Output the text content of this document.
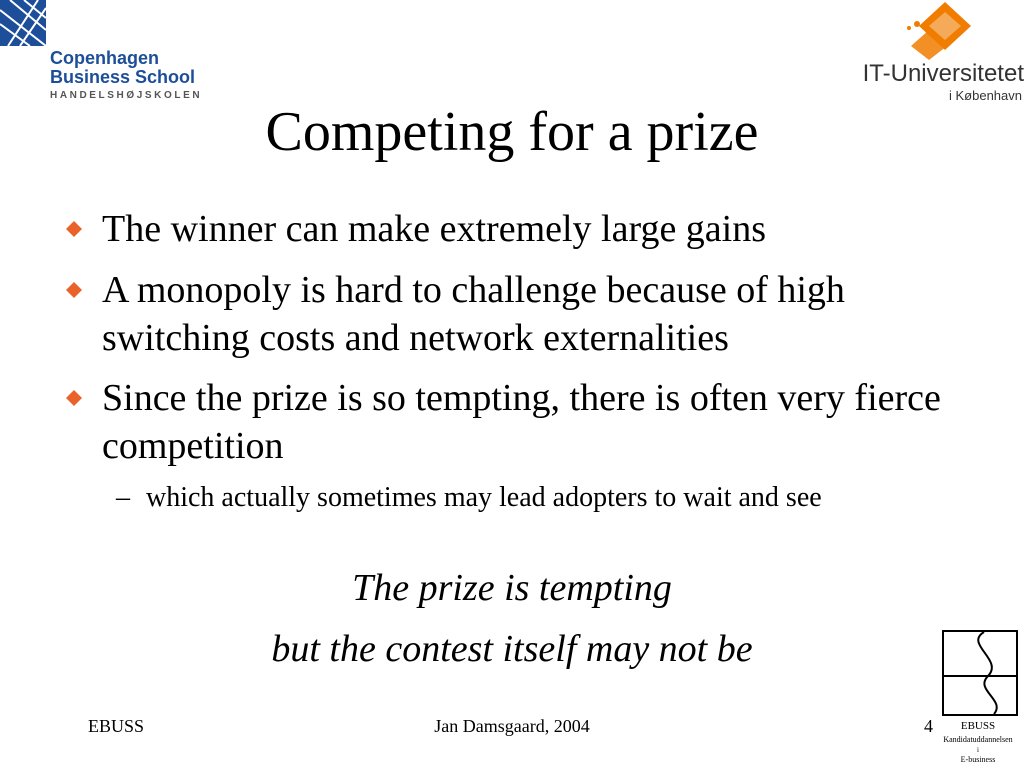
Copenhagen
Business School
HANDELSHØJSKOLEN
IT-Universitetet
i København
Competing for a prize
The winner can make extremely large gains
A monopoly is hard to challenge because of high switching costs and network externalities
Since the prize is so tempting, there is often very fierce competition
– which actually sometimes may lead adopters to wait and see
The prize is tempting
but the contest itself may not be
EBUSS	Jan Damsgaard, 2004	4	EBUSS
Kandidatuddannelsen
i
E-business
